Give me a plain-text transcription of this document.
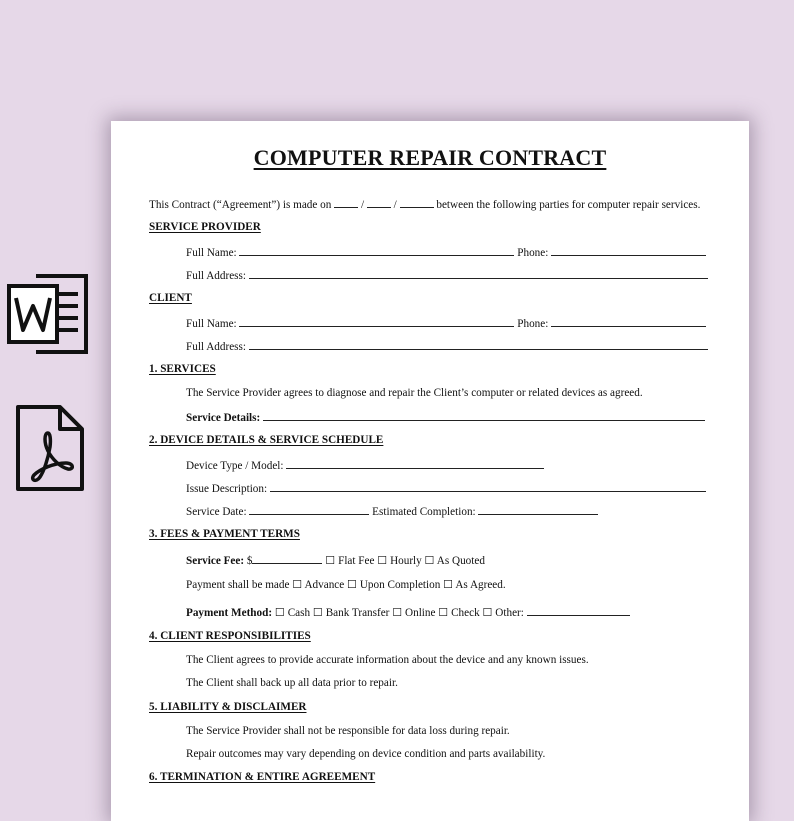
COMPUTER REPAIR CONTRACT
This Contract (“Agreement”) is made on	/	/	between the following parties for computer repair services.
SERVICE PROVIDER
Full Name:	Phone:
Full Address:
CLIENT
Full Name:	Phone:
Full Address:
1. SERVICES
The Service Provider agrees to diagnose and repair the Client’s computer or related devices as agreed.
Service Details:
2. DEVICE DETAILS & SERVICE SCHEDULE
Device Type / Model:
Issue Description:
Service Date:	Estimated Completion:
3. FEES & PAYMENT TERMS
Service Fee: $	☐ Flat Fee ☐ Hourly ☐ As Quoted
Payment shall be made ☐ Advance ☐ Upon Completion ☐ As Agreed.
Payment Method: ☐ Cash ☐ Bank Transfer ☐ Online ☐ Check ☐ Other:
4. CLIENT RESPONSIBILITIES
The Client agrees to provide accurate information about the device and any known issues.
The Client shall back up all data prior to repair.
5. LIABILITY & DISCLAIMER
The Service Provider shall not be responsible for data loss during repair.
Repair outcomes may vary depending on device condition and parts availability.
6. TERMINATION & ENTIRE AGREEMENT
